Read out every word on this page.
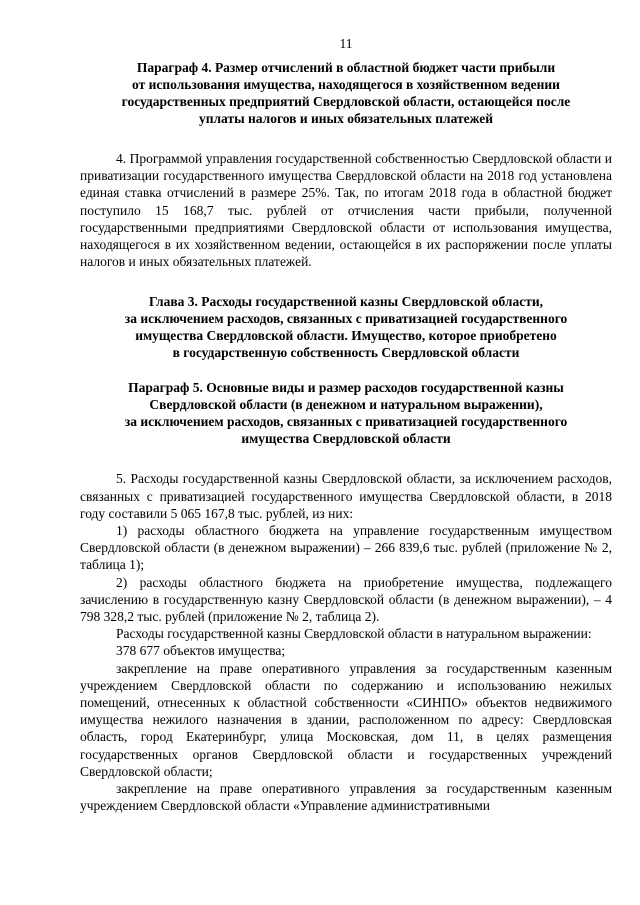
11
Параграф 4. Размер отчислений в областной бюджет части прибыли
от использования имущества, находящегося в хозяйственном ведении
государственных предприятий Свердловской области, остающейся после
уплаты налогов и иных обязательных платежей

4. Программой управления государственной собственностью Свердловской области и приватизации государственного имущества Свердловской области на 2018 год установлена единая ставка отчислений в размере 25%. Так, по итогам 2018 года в областной бюджет поступило 15 168,7 тыс. рублей от отчисления части прибыли, полученной государственными предприятиями Свердловской области от использования имущества, находящегося в их хозяйственном ведении, остающейся в их распоряжении после уплаты налогов и иных обязательных платежей.

Глава 3. Расходы государственной казны Свердловской области,
за исключением расходов, связанных с приватизацией государственного
имущества Свердловской области. Имущество, которое приобретено
в государственную собственность Свердловской области
Параграф 5. Основные виды и размер расходов государственной казны
Свердловской области (в денежном и натуральном выражении),
за исключением расходов, связанных с приватизацией государственного
имущества Свердловской области

5. Расходы государственной казны Свердловской области, за исключением расходов, связанных с приватизацией государственного имущества Свердловской области, в 2018 году составили 5 065 167,8 тыс. рублей, из них:

1) расходы областного бюджета на управление государственным имуществом Свердловской области (в денежном выражении) – 266 839,6 тыс. рублей (приложение № 2, таблица 1);

2) расходы областного бюджета на приобретение имущества, подлежащего зачислению в государственную казну Свердловской области (в денежном выражении), – 4 798 328,2 тыс. рублей (приложение № 2, таблица 2).

Расходы государственной казны Свердловской области в натуральном выражении:

378 677 объектов имущества;

закрепление на праве оперативного управления за государственным казенным учреждением Свердловской области по содержанию и использованию нежилых помещений, отнесенных к областной собственности «СИНПО» объектов недвижимого имущества нежилого назначения в здании, расположенном по адресу: Свердловская область, город Екатеринбург, улица Московская, дом 11, в целях размещения государственных органов Свердловской области и государственных учреждений Свердловской области;

закрепление на праве оперативного управления за государственным казенным учреждением Свердловской области «Управление административными
